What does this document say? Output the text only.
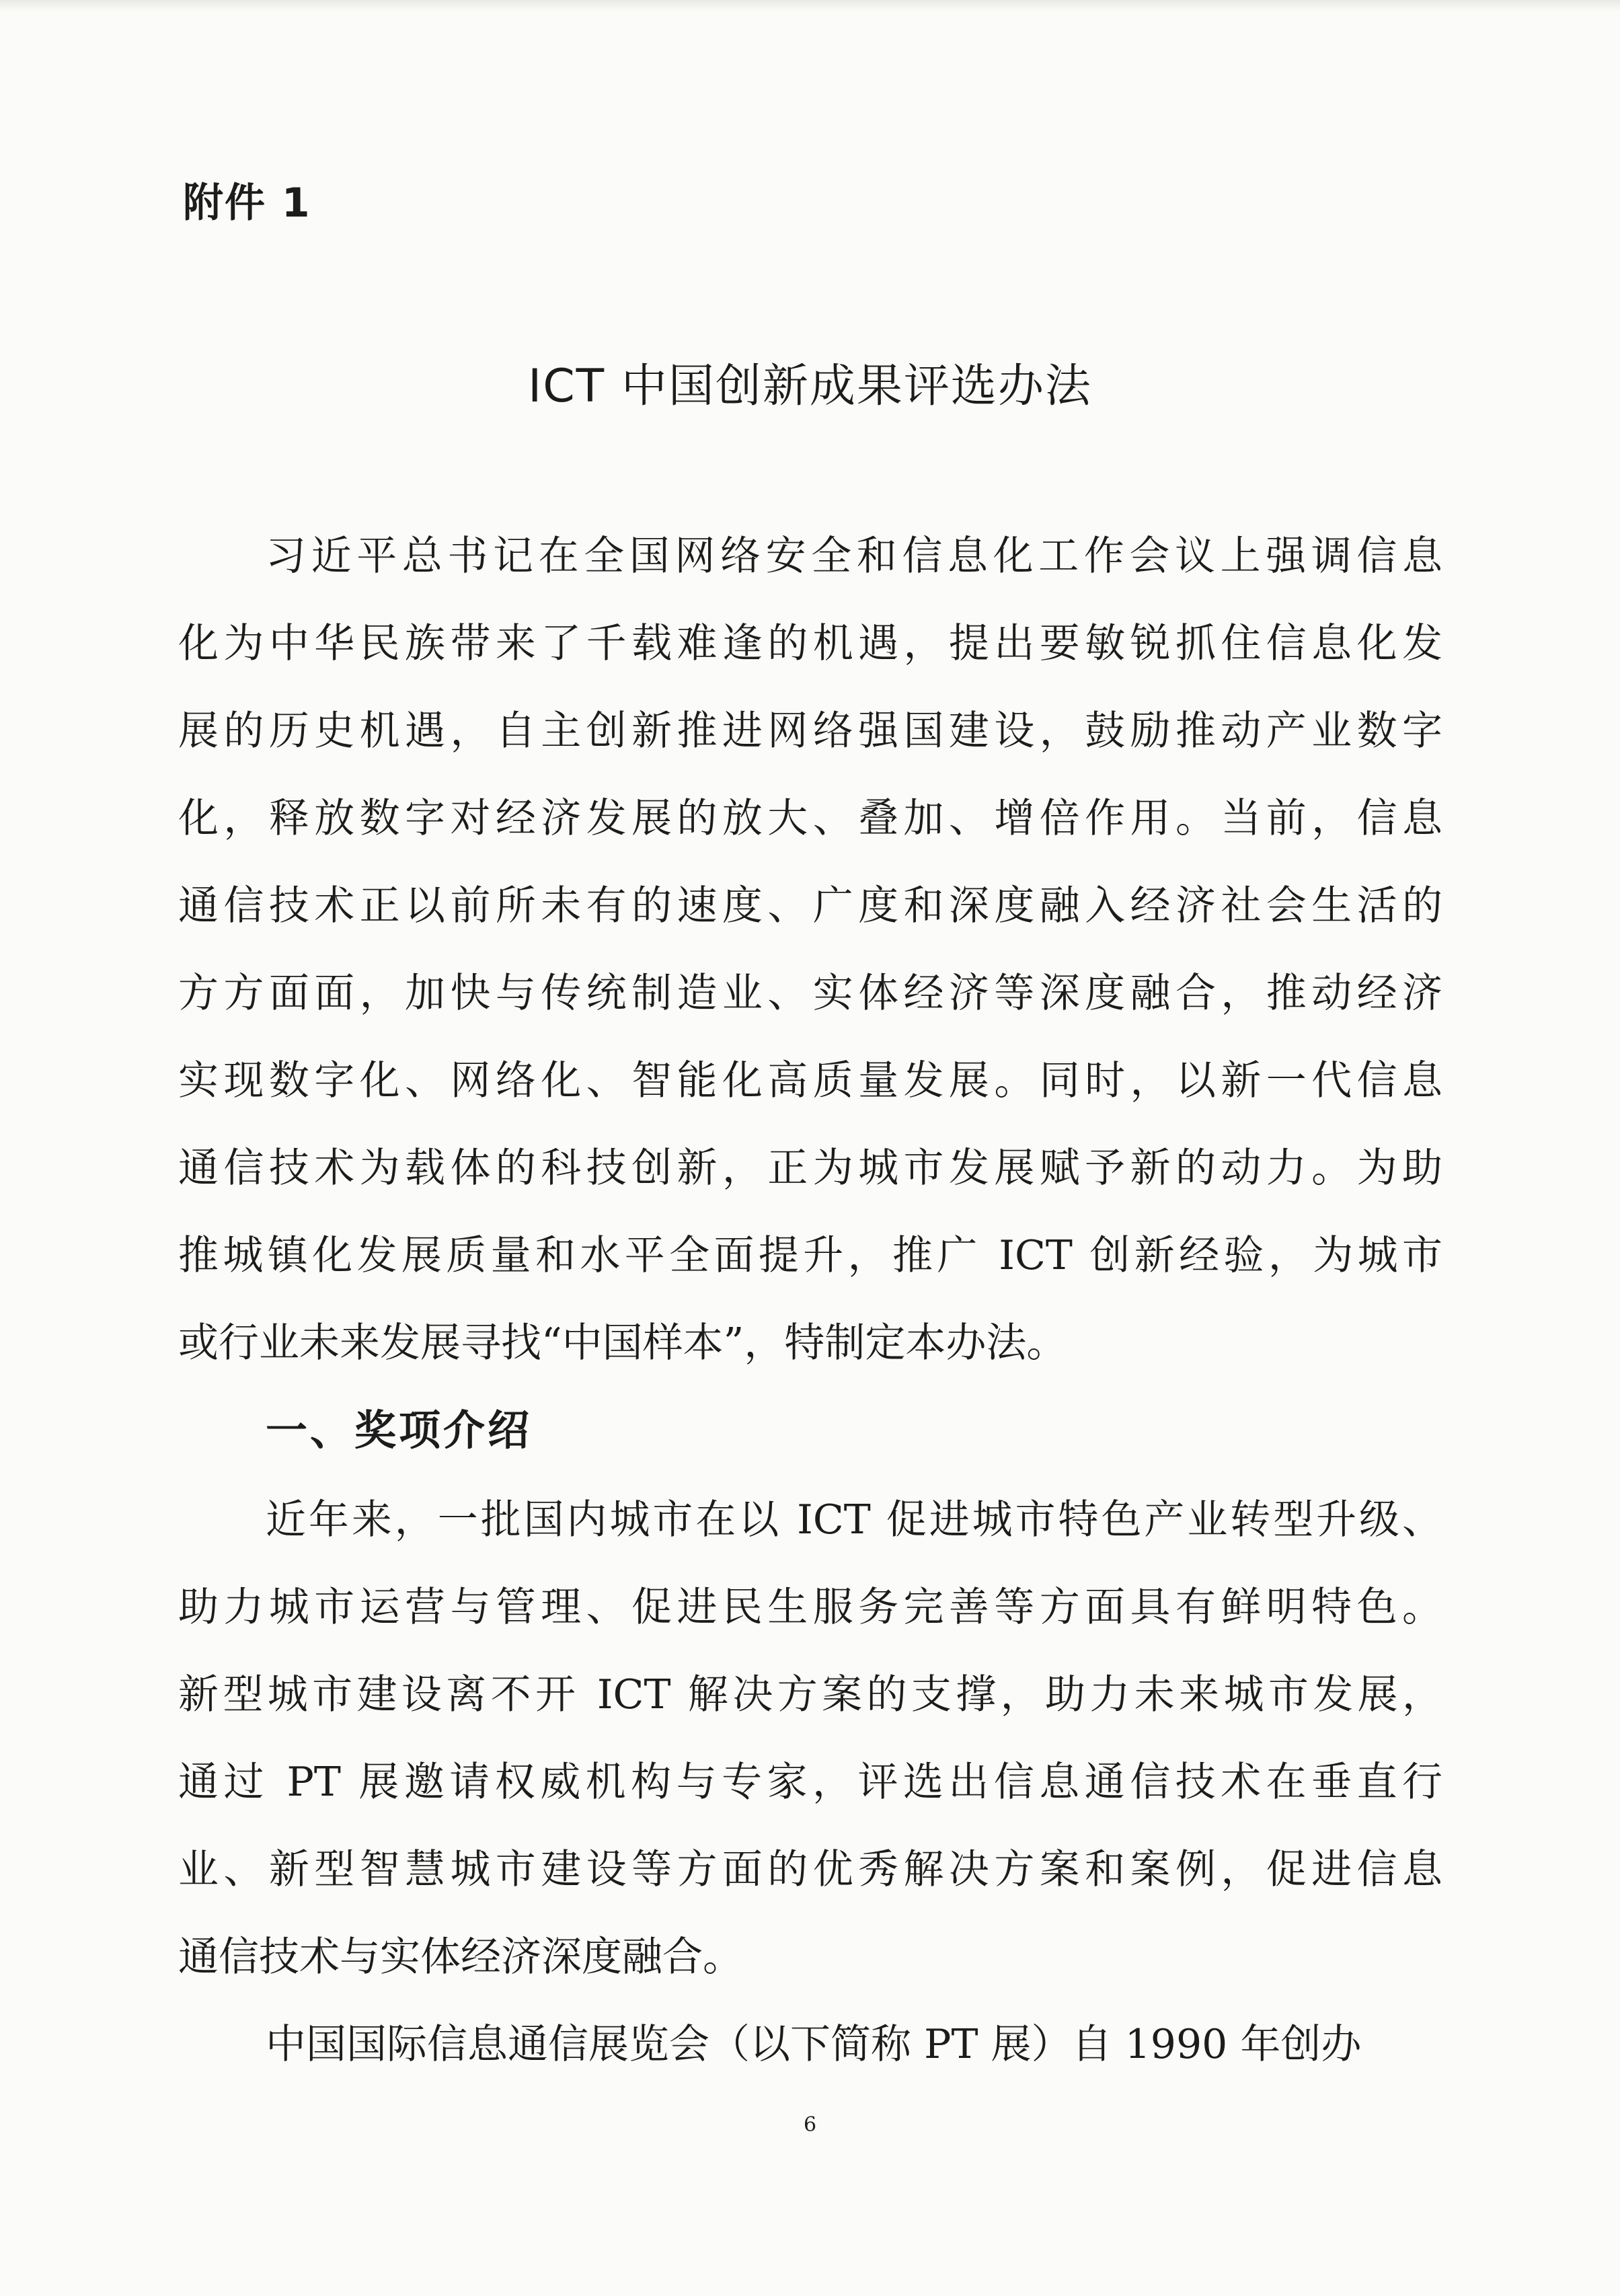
附件 1
ICT 中国创新成果评选办法
习近平总书记在全国网络安全和信息化工作会议上强调信息
化为中华民族带来了千载难逢的机遇，提出要敏锐抓住信息化发
展的历史机遇，自主创新推进网络强国建设，鼓励推动产业数字
化，释放数字对经济发展的放大、叠加、增倍作用。当前，信息
通信技术正以前所未有的速度、广度和深度融入经济社会生活的
方方面面，加快与传统制造业、实体经济等深度融合，推动经济
实现数字化、网络化、智能化高质量发展。同时，以新一代信息
通信技术为载体的科技创新，正为城市发展赋予新的动力。为助
推城镇化发展质量和水平全面提升，推广 ICT 创新经验，为城市
或行业未来发展寻找“中国样本”，特制定本办法。
一、奖项介绍
近年来，一批国内城市在以 ICT 促进城市特色产业转型升级、
助力城市运营与管理、促进民生服务完善等方面具有鲜明特色。
新型城市建设离不开 ICT 解决方案的支撑，助力未来城市发展，
通过 PT 展邀请权威机构与专家，评选出信息通信技术在垂直行
业、新型智慧城市建设等方面的优秀解决方案和案例，促进信息
通信技术与实体经济深度融合。
中国国际信息通信展览会（以下简称 PT 展）自 1990 年创办
6
